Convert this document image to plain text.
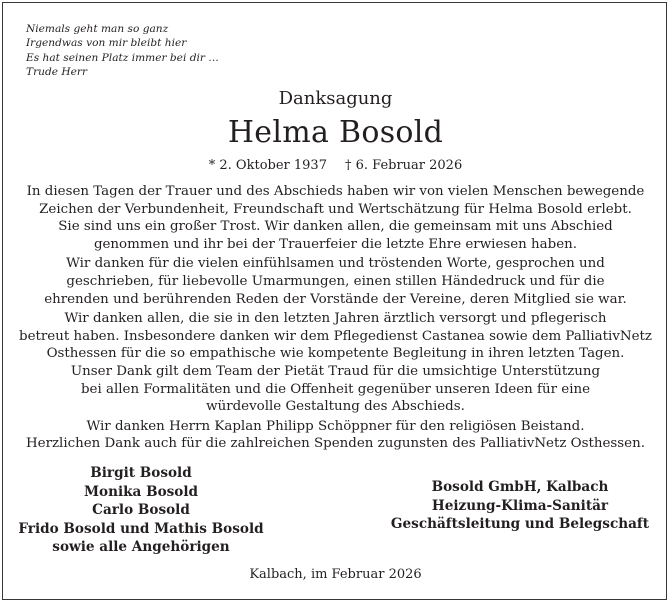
Niemals geht man so ganz
Irgendwas von mir bleibt hier
Es hat seinen Platz immer bei dir …
Trude Herr
Danksagung
Helma Bosold
* 2. Oktober 1937 † 6. Februar 2026
In diesen Tagen der Trauer und des Abschieds haben wir von vielen Menschen bewegende
Zeichen der Verbundenheit, Freundschaft und Wertschätzung für Helma Bosold erlebt.
Sie sind uns ein großer Trost. Wir danken allen, die gemeinsam mit uns Abschied
genommen und ihr bei der Trauerfeier die letzte Ehre erwiesen haben.
Wir danken für die vielen einfühlsamen und tröstenden Worte, gesprochen und
geschrieben, für liebevolle Umarmungen, einen stillen Händedruck und für die
ehrenden und berührenden Reden der Vorstände der Vereine, deren Mitglied sie war.
Wir danken allen, die sie in den letzten Jahren ärztlich versorgt und pflegerisch
betreut haben. Insbesondere danken wir dem Pflegedienst Castanea sowie dem PalliativNetz
Osthessen für die so empathische wie kompetente Begleitung in ihren letzten Tagen.
Unser Dank gilt dem Team der Pietät Traud für die umsichtige Unterstützung
bei allen Formalitäten und die Offenheit gegenüber unseren Ideen für eine
würdevolle Gestaltung des Abschieds.
Wir danken Herrn Kaplan Philipp Schöppner für den religiösen Beistand.
Herzlichen Dank auch für die zahlreichen Spenden zugunsten des PalliativNetz Osthessen.
Birgit Bosold
Monika Bosold
Carlo Bosold
Frido Bosold und Mathis Bosold
sowie alle Angehörigen
Bosold GmbH, Kalbach
Heizung-Klima-Sanitär
Geschäftsleitung und Belegschaft
Kalbach, im Februar 2026
